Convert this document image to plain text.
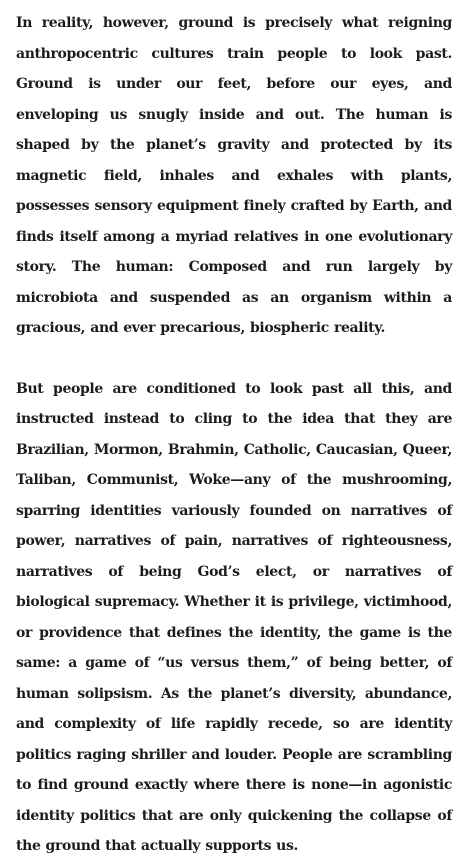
In reality, however, ground is precisely what reigning anthropocentric cultures train people to look past. Ground is under our feet, before our eyes, and enveloping us snugly inside and out. The human is shaped by the planet’s gravity and protected by its magnetic field, inhales and exhales with plants, possesses sensory equipment finely crafted by Earth, and finds itself among a myriad relatives in one evolutionary story. The human: Composed and run largely by microbiota and suspended as an organism within a gracious, and ever precarious, biospheric reality.

But people are conditioned to look past all this, and instructed instead to cling to the idea that they are Brazilian, Mormon, Brahmin, Catholic, Caucasian, Queer, Taliban, Communist, Woke—any of the mushrooming, sparring identities variously founded on narratives of power, narratives of pain, narratives of righteousness, narratives of being God’s elect, or narratives of biological supremacy. Whether it is privilege, victimhood, or providence that defines the identity, the game is the same: a game of “us versus them,” of being better, of human solipsism. As the planet’s diversity, abundance, and complexity of life rapidly recede, so are identity politics raging shriller and louder. People are scrambling to find ground exactly where there is none—in agonistic identity politics that are only quickening the collapse of the ground that actually supports us.
